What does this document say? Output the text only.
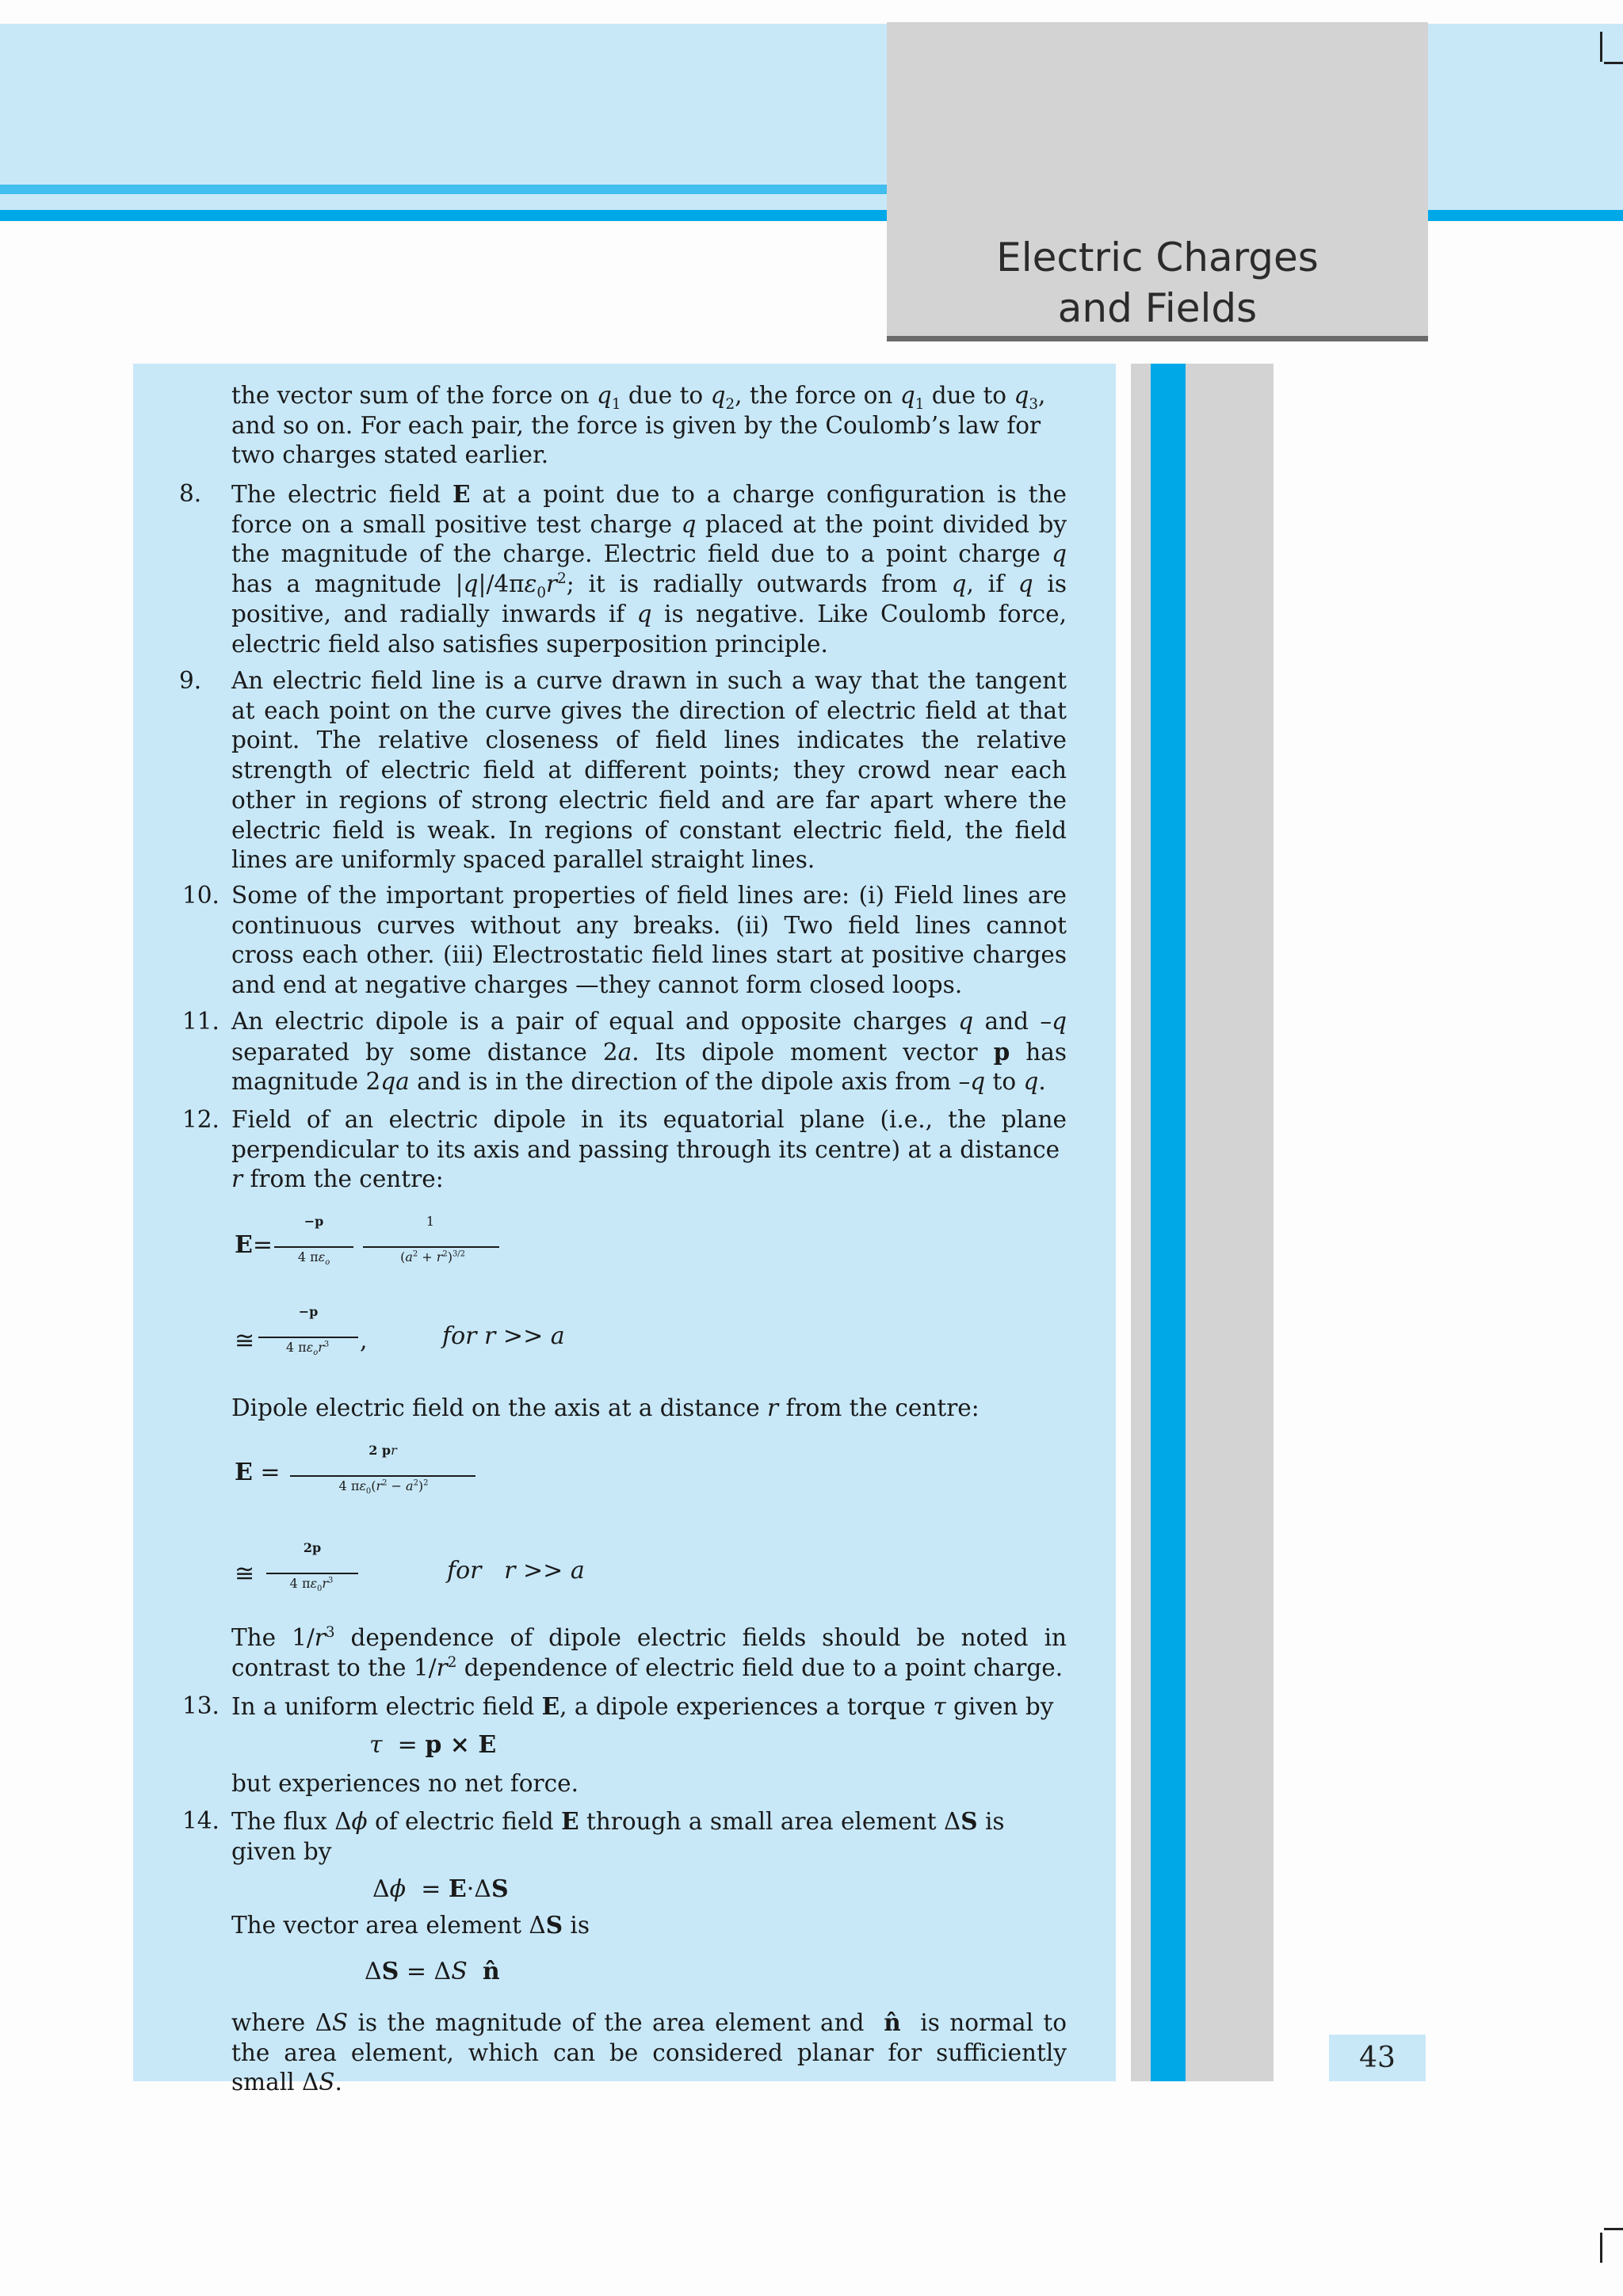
Electric Charges
and Fields
43
the vector sum of the force on $q_1$ due to $q_2$, the force on $q_1$ due to $q_3$,
and so on. For each pair, the force is given by the Coulomb’s law for
two charges stated earlier.
8. The electric field E at a point due to a charge configuration is the force on a small positive test charge q placed at the point divided by the magnitude of the charge. Electric field due to a point charge q has a magnitude $|q|/4\pi\varepsilon_0r^2$; it is radially outwards from q, if q is positive, and radially inwards if q is negative. Like Coulomb force, electric field also satisfies superposition principle.
9. An electric field line is a curve drawn in such a way that the tangent at each point on the curve gives the direction of electric field at that point. The relative closeness of field lines indicates the relative strength of electric field at different points; they crowd near each other in regions of strong electric field and are far apart where the electric field is weak. In regions of constant electric field, the field lines are uniformly spaced parallel straight lines.
10. Some of the important properties of field lines are: (i) Field lines are continuous curves without any breaks. (ii) Two field lines cannot cross each other. (iii) Electrostatic field lines start at positive charges and end at negative charges —they cannot form closed loops.
11. An electric dipole is a pair of equal and opposite charges q and –q separated by some distance 2a. Its dipole moment vector p has magnitude 2qa and is in the direction of the dipole axis from –q to q.
12. Field of an electric dipole in its equatorial plane (i.e., the plane perpendicular to its axis and passing through its centre) at a distance
r from the centre:
E=
−p
4 $\pi\varepsilon_o$
1
$(a^2 + r^2)^{3/2}$
≅
−p
4 $\pi\varepsilon_or^3$	,	for r >> a
Dipole electric field on the axis at a distance r from the centre:
E =
2 pr
4 $\pi\varepsilon_0(r^2 - a^2)^2$
≅
2p
4 $\pi\varepsilon_0r^3$	for r >> a
The $1/r^3$ dependence of dipole electric fields should be noted in contrast to the $1/r^2$ dependence of electric field due to a point charge.
13. In a uniform electric field E, a dipole experiences a torque τ given by
τ  = p × E
but experiences no net force.
14. The flux Δϕ of electric field E through a small area element ΔS is
given by
Δϕ  = E·ΔS
The vector area element ΔS is
ΔS = ΔS n̂
where ΔS is the magnitude of the area element and  n̂  is normal to the area element, which can be considered planar for sufficiently small ΔS.
